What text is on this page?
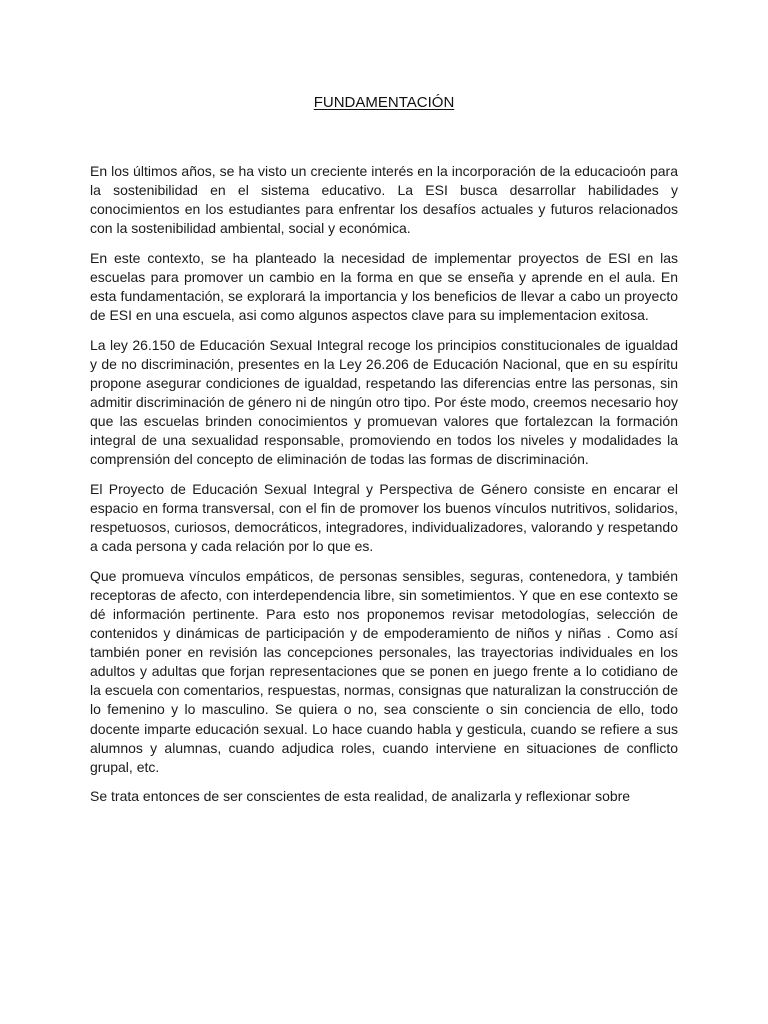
FUNDAMENTACIÓN

En los últimos años, se ha visto un creciente interés en la incorporación de la educacioón para la sostenibilidad en el sistema educativo. La ESI busca desarrollar habilidades y conocimientos en los estudiantes para enfrentar los desafíos actuales y futuros relacionados con la sostenibilidad ambiental, social y económica.

En este contexto, se ha planteado la necesidad de implementar proyectos de ESI en las escuelas para promover un cambio en la forma en que se enseña y aprende en el aula. En esta fundamentación, se explorará la importancia y los beneficios de llevar a cabo un proyecto de ESI en una escuela, asi como algunos aspectos clave para su implementacion exitosa.

La ley 26.150 de Educación Sexual Integral recoge los principios constitucionales de igualdad y de no discriminación, presentes en la Ley 26.206 de Educación Nacional, que en su espíritu propone asegurar condiciones de igualdad, respetando las diferencias entre las personas, sin admitir discriminación de género ni de ningún otro tipo. Por éste modo, creemos necesario hoy que las escuelas brinden conocimientos y promuevan valores que fortalezcan la formación integral de una sexualidad responsable, promoviendo en todos los niveles y modalidades la comprensión del concepto de eliminación de todas las formas de discriminación.

El Proyecto de Educación Sexual Integral y Perspectiva de Género consiste en encarar el espacio en forma transversal, con el fin de promover los buenos vínculos nutritivos, solidarios, respetuosos, curiosos, democráticos, integradores, individualizadores, valorando y respetando a cada persona y cada relación por lo que es.

Que promueva vínculos empáticos, de personas sensibles, seguras, contenedora, y también receptoras de afecto, con interdependencia libre, sin sometimientos. Y que en ese contexto se dé información pertinente. Para esto nos proponemos revisar metodologías, selección de contenidos y dinámicas de participación y de empoderamiento de niños y niñas . Como así también poner en revisión las concepciones personales, las trayectorias individuales en los adultos y adultas que forjan representaciones que se ponen en juego frente a lo cotidiano de la escuela con comentarios, respuestas, normas, consignas que naturalizan la construcción de lo femenino y lo masculino. Se quiera o no, sea consciente o sin conciencia de ello, todo docente imparte educación sexual. Lo hace cuando habla y gesticula, cuando se refiere a sus alumnos y alumnas, cuando adjudica roles, cuando interviene en situaciones de conflicto grupal, etc.

Se trata entonces de ser conscientes de esta realidad, de analizarla y reflexionar sobre
